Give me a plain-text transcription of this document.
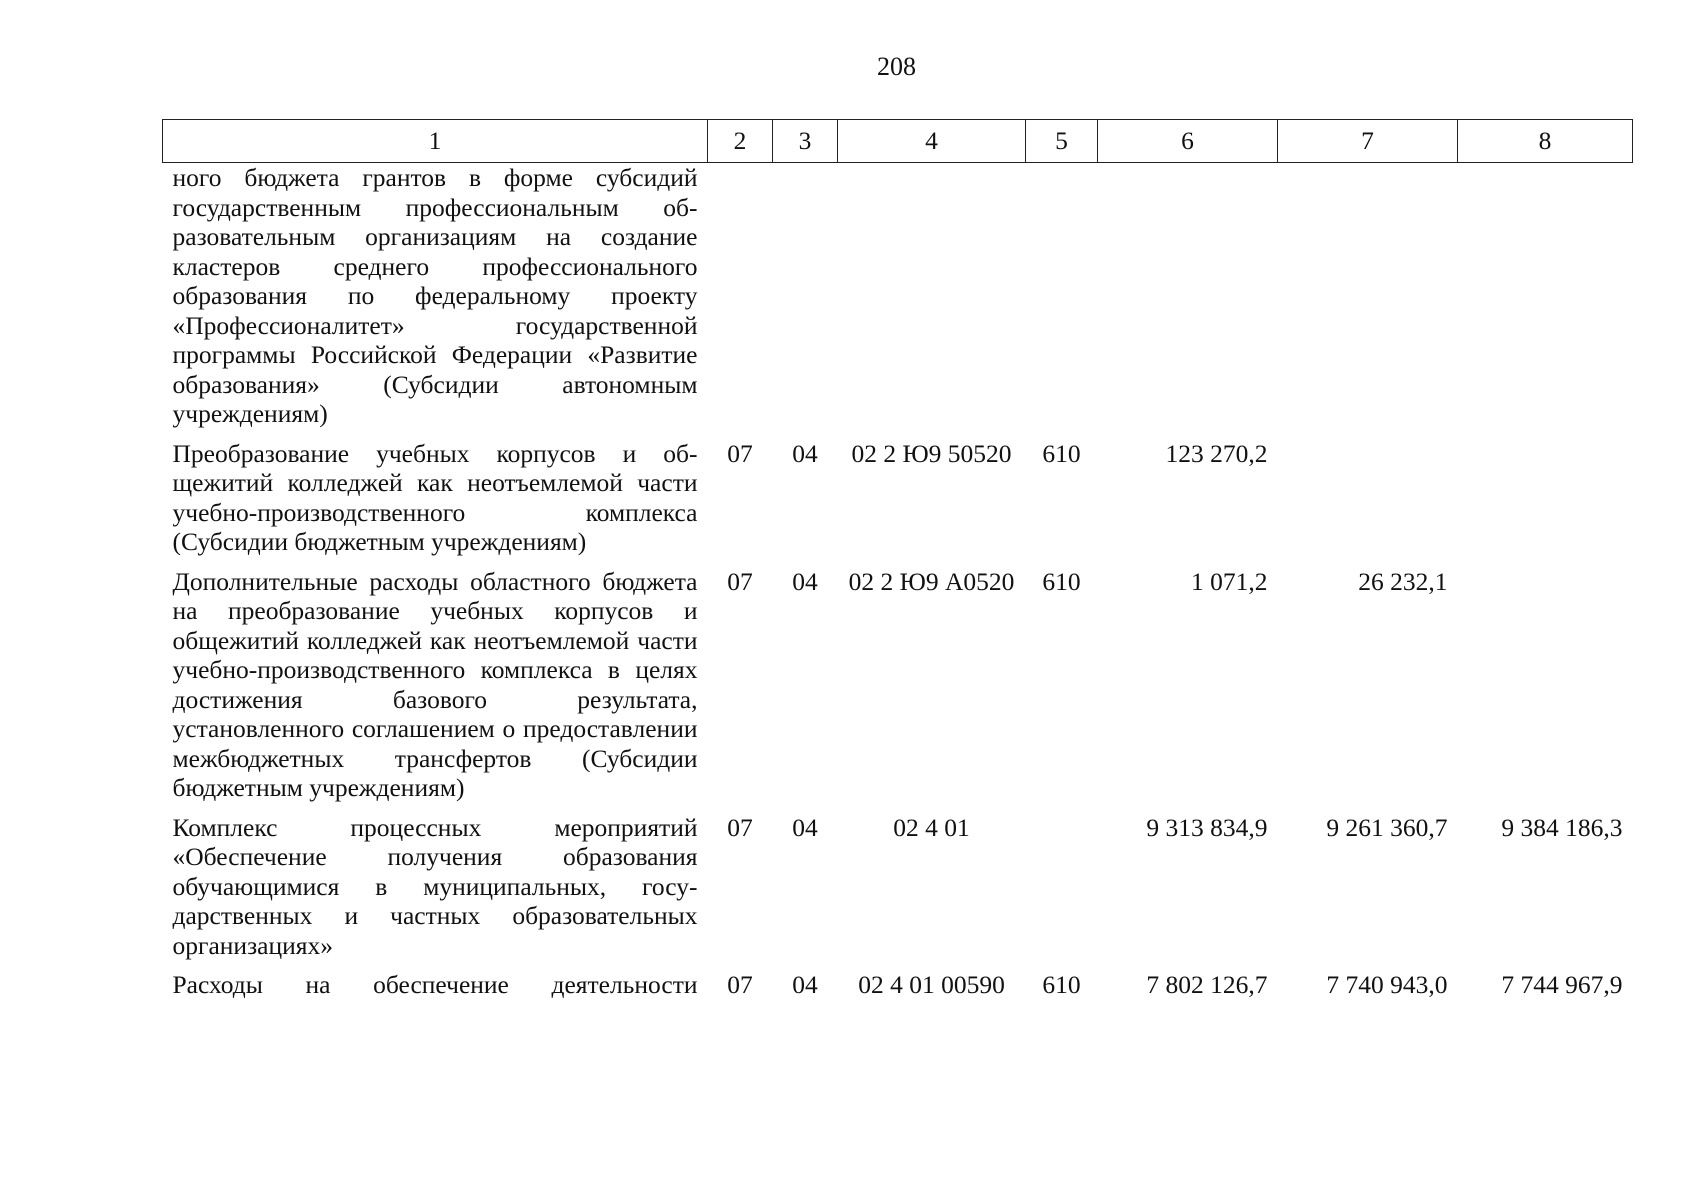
208
1	2	3	4	5	6	7	8
ного бюджета грантов в форме субсидий государственным профессиональным образовательным организациям на создание кластеров среднего профессионального образования по федеральному проекту «Профессионалитет» государственной программы Российской Федерации «Развитие образования» (Субсидии автономным учреждениям)							
Преобразование учебных корпусов и общежитий колледжей как неотъемлемой части учебно-производственного комплекса (Субсидии бюджетным учреждениям)	07	04	02 2 Ю9 50520	610	123 270,2		
Дополнительные расходы областного бюджета на преобразование учебных корпусов и общежитий колледжей как неотъемлемой части учебно-производственного комплекса в целях достижения базового результата, установленного соглашением о предоставлении межбюджетных трансфертов (Субсидии бюджетным учреждениям)	07	04	02 2 Ю9 А0520	610	1 071,2	26 232,1	
Комплекс процессных мероприятий «Обеспечение получения образования обучающимися в муниципальных, государственных и частных образовательных организациях»	07	04	02 4 01		9 313 834,9	9 261 360,7	9 384 186,3
Расходы на обеспечение деятельности	07	04	02 4 01 00590	610	7 802 126,7	7 740 943,0	7 744 967,9
